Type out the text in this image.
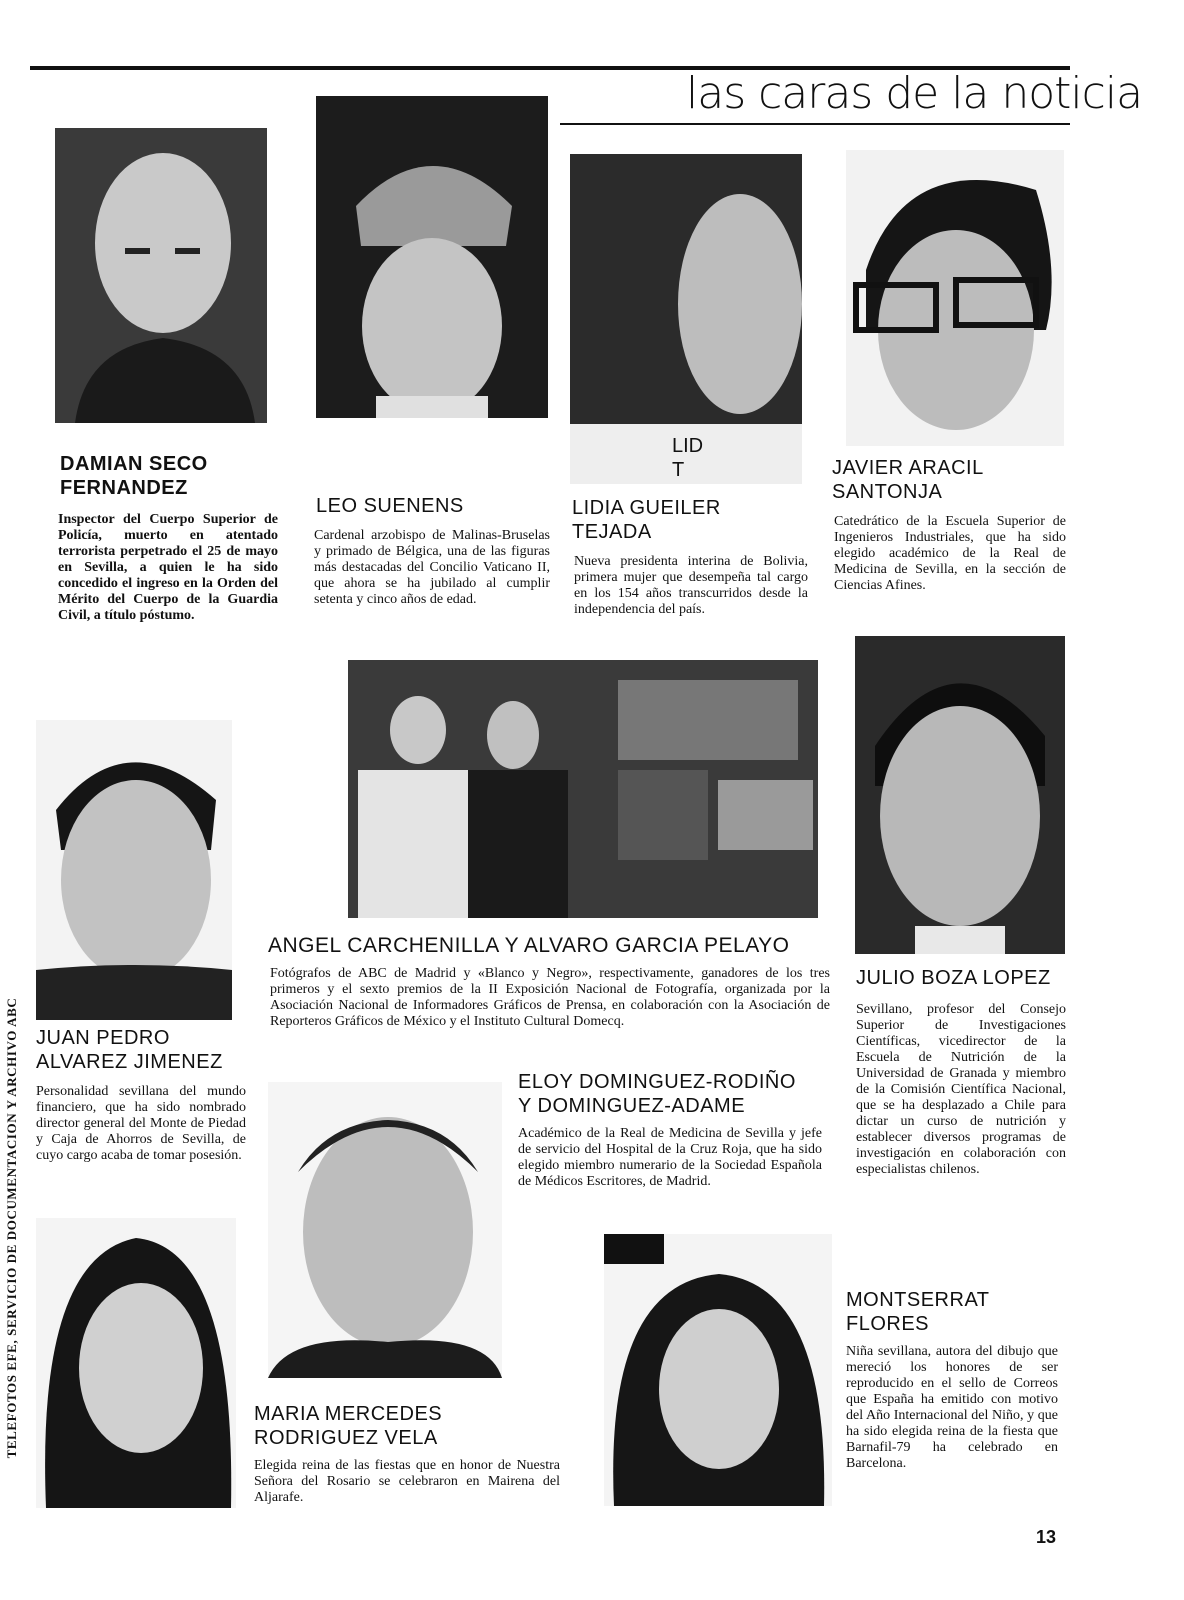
las caras de la noticia
TELEFOTOS EFE, SERVICIO DE DOCUMENTACION Y ARCHIVO ABC
LID
T
DAMIAN SECO
FERNANDEZ
Inspector del Cuerpo Superior de Policía, muerto en atentado terrorista perpetrado el 25 de mayo en Sevilla, a quien le ha sido concedido el ingreso en la Orden del Mérito del Cuerpo de la Guardia Civil, a título póstumo.
LEO SUENENS
Cardenal arzobispo de Malinas-Bruselas y primado de Bélgica, una de las figuras más destacadas del Concilio Vaticano II, que ahora se ha jubilado al cumplir setenta y cinco años de edad.
LIDIA GUEILER
TEJADA
Nueva presidenta interina de Bolivia, primera mujer que desempeña tal cargo en los 154 años transcurridos desde la independencia del país.
JAVIER ARACIL
SANTONJA
Catedrático de la Escuela Superior de Ingenieros Industriales, que ha sido elegido académico de la Real de Medicina de Sevilla, en la sección de Ciencias Afines.
ANGEL CARCHENILLA Y ALVARO GARCIA PELAYO
Fotógrafos de ABC de Madrid y «Blanco y Negro», respectivamente, ganadores de los tres primeros y el sexto premios de la II Exposición Nacional de Fotografía, organizada por la Asociación Nacional de Informadores Gráficos de Prensa, en colaboración con la Asociación de Reporteros Gráficos de México y el Instituto Cultural Domecq.
JUAN PEDRO
ALVAREZ JIMENEZ
Personalidad sevillana del mundo financiero, que ha sido nombrado director general del Monte de Piedad y Caja de Ahorros de Sevilla, de cuyo cargo acaba de tomar posesión.
JULIO BOZA LOPEZ
Sevillano, profesor del Consejo Superior de Investigaciones Científicas, vicedirector de la Escuela de Nutrición de la Universidad de Granada y miembro de la Comisión Científica Nacional, que se ha desplazado a Chile para dictar un curso de nutrición y establecer diversos programas de investigación en colaboración con especialistas chilenos.
ELOY DOMINGUEZ-RODIÑO
Y DOMINGUEZ-ADAME
Académico de la Real de Medicina de Sevilla y jefe de servicio del Hospital de la Cruz Roja, que ha sido elegido miembro numerario de la Sociedad Española de Médicos Escritores, de Madrid.
MARIA MERCEDES
RODRIGUEZ VELA
Elegida reina de las fiestas que en honor de Nuestra Señora del Rosario se celebraron en Mairena del Aljarafe.
MONTSERRAT
FLORES
Niña sevillana, autora del dibujo que mereció los honores de ser reproducido en el sello de Correos que España ha emitido con motivo del Año Internacional del Niño, y que ha sido elegida reina de la fiesta que Barnafil-79 ha celebrado en Barcelona.
13
